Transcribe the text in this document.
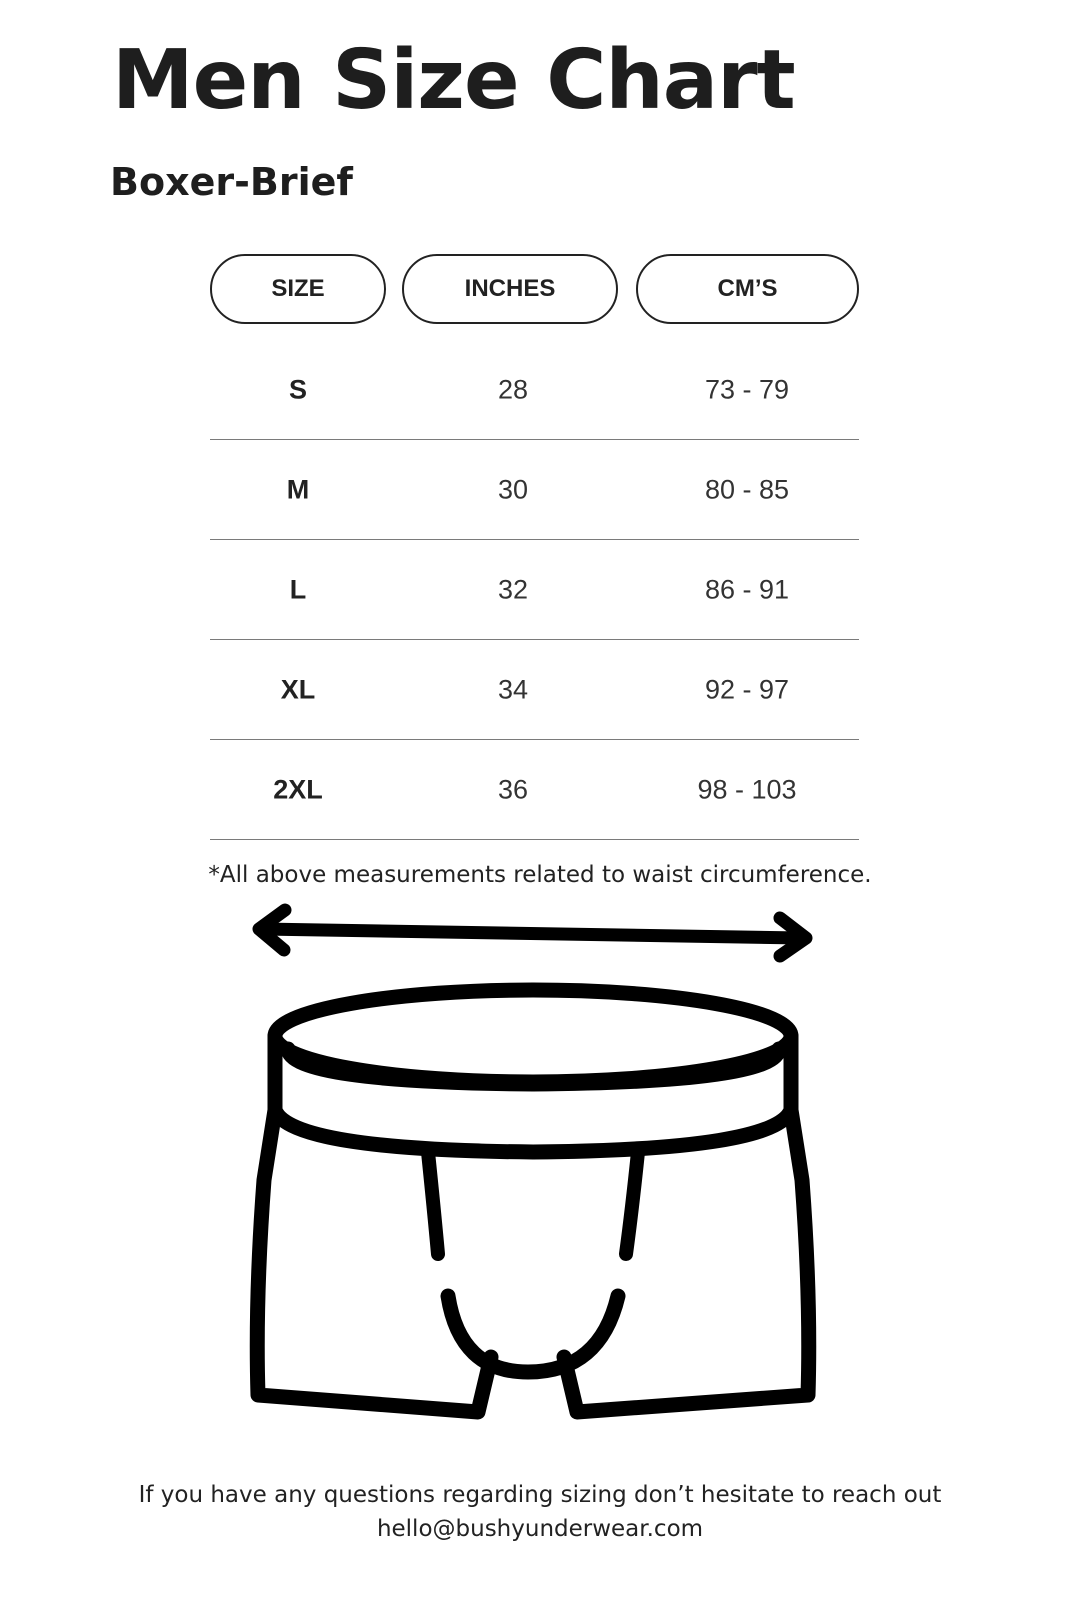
Men Size Chart
Boxer-Brief
SIZE	INCHES	CM’S
S	28	73 - 79
M	30	80 - 85
L	32	86 - 91
XL	34	92 - 97
2XL	36	98 - 103

*All above measurements related to waist circumference.

If you have any questions regarding sizing don’t hesitate to reach out

hello@bushyunderwear.com
